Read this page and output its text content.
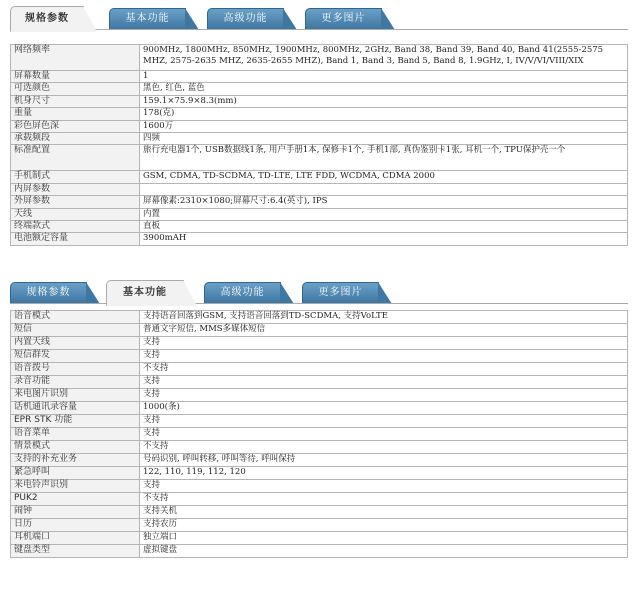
规格参数	基本功能	高级功能	更多图片
网络频率	900MHz, 1800MHz, 850MHz, 1900MHz, 800MHz, 2GHz, Band 38, Band 39, Band 40, Band 41(2555-2575 MHZ, 2575-2635 MHZ, 2635-2655 MHZ), Band 1, Band 3, Band 5, Band 8, 1.9GHz, I, IV/V/VI/VIII/XIX
屏幕数量	1
可选颜色	黑色, 红色, 蓝色
机身尺寸	159.1×75.9×8.3(mm)
重量	178(克)
彩色屏色深	1600万
承载频段	四频
标准配置	旅行充电器1个, USB数据线1条, 用户手册1本, 保修卡1个, 手机1部, 真伪鉴别卡1张, 耳机一个, TPU保护壳一个
手机制式	GSM, CDMA, TD-SCDMA, TD-LTE, LTE FDD, WCDMA, CDMA 2000
内屏参数	
外屏参数	屏幕像素:2310×1080;屏幕尺寸:6.4(英寸), IPS
天线	内置
终端款式	直板
电池额定容量	3900mAH
规格参数	基本功能	高级功能	更多图片
语音模式	支持语音回落到GSM, 支持语音回落到TD-SCDMA, 支持VoLTE
短信	普通文字短信, MMS多媒体短信
内置天线	支持
短信群发	支持
语音拨号	不支持
录音功能	支持
来电图片识别	支持
话机通讯录容量	1000(条)
EPR STK 功能	支持
语音菜单	支持
情景模式	不支持
支持的补充业务	号码识别, 呼叫转移, 呼叫等待, 呼叫保持
紧急呼叫	122, 110, 119, 112, 120
来电铃声识别	支持
PUK2	不支持
闹钟	支持关机
日历	支持农历
耳机端口	独立端口
键盘类型	虚拟键盘
